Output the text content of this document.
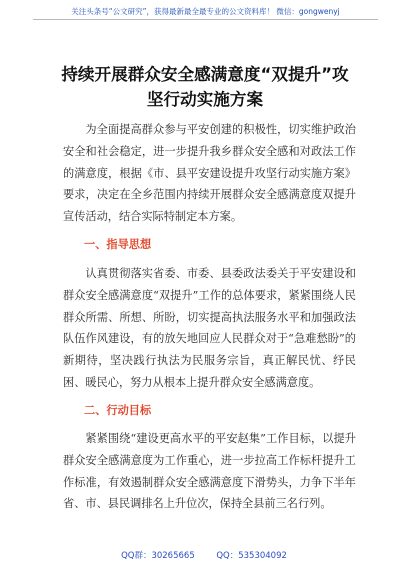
关注头条号“公文研究”，获得最新最全最专业的公文资料库！ 微信：gongwenyj
持续开展群众安全感满意度“双提升”攻
坚行动实施方案

为全面提高群众参与平安创建的积极性，切实维护政治安全和社会稳定，进一步提升我乡群众安全感和对政法工作的满意度，根据《市、县平安建设提升攻坚行动实施方案》要求，决定在全乡范围内持续开展群众安全感满意度双提升宣传活动，结合实际特制定本方案。

一、指导思想

认真贯彻落实省委、市委、县委政法委关于平安建设和群众安全感满意度“双提升”工作的总体要求，紧紧围绕人民群众所需、所想、所盼，切实提高执法服务水平和加强政法队伍作风建设，有的放矢地回应人民群众对于“急难愁盼”的新期待，坚决践行执法为民服务宗旨，真正解民忧、纾民困、暖民心，努力从根本上提升群众安全感满意度。

二、行动目标

紧紧围绕“建设更高水平的平安赵集”工作目标，以提升群众安全感满意度为工作重心，进一步拉高工作标杆提升工作标准，有效遏制群众安全感满意度下滑势头，力争下半年省、市、县民调排名上升位次，保持全县前三名行列。

QQ群：30265665        QQ：535304092
